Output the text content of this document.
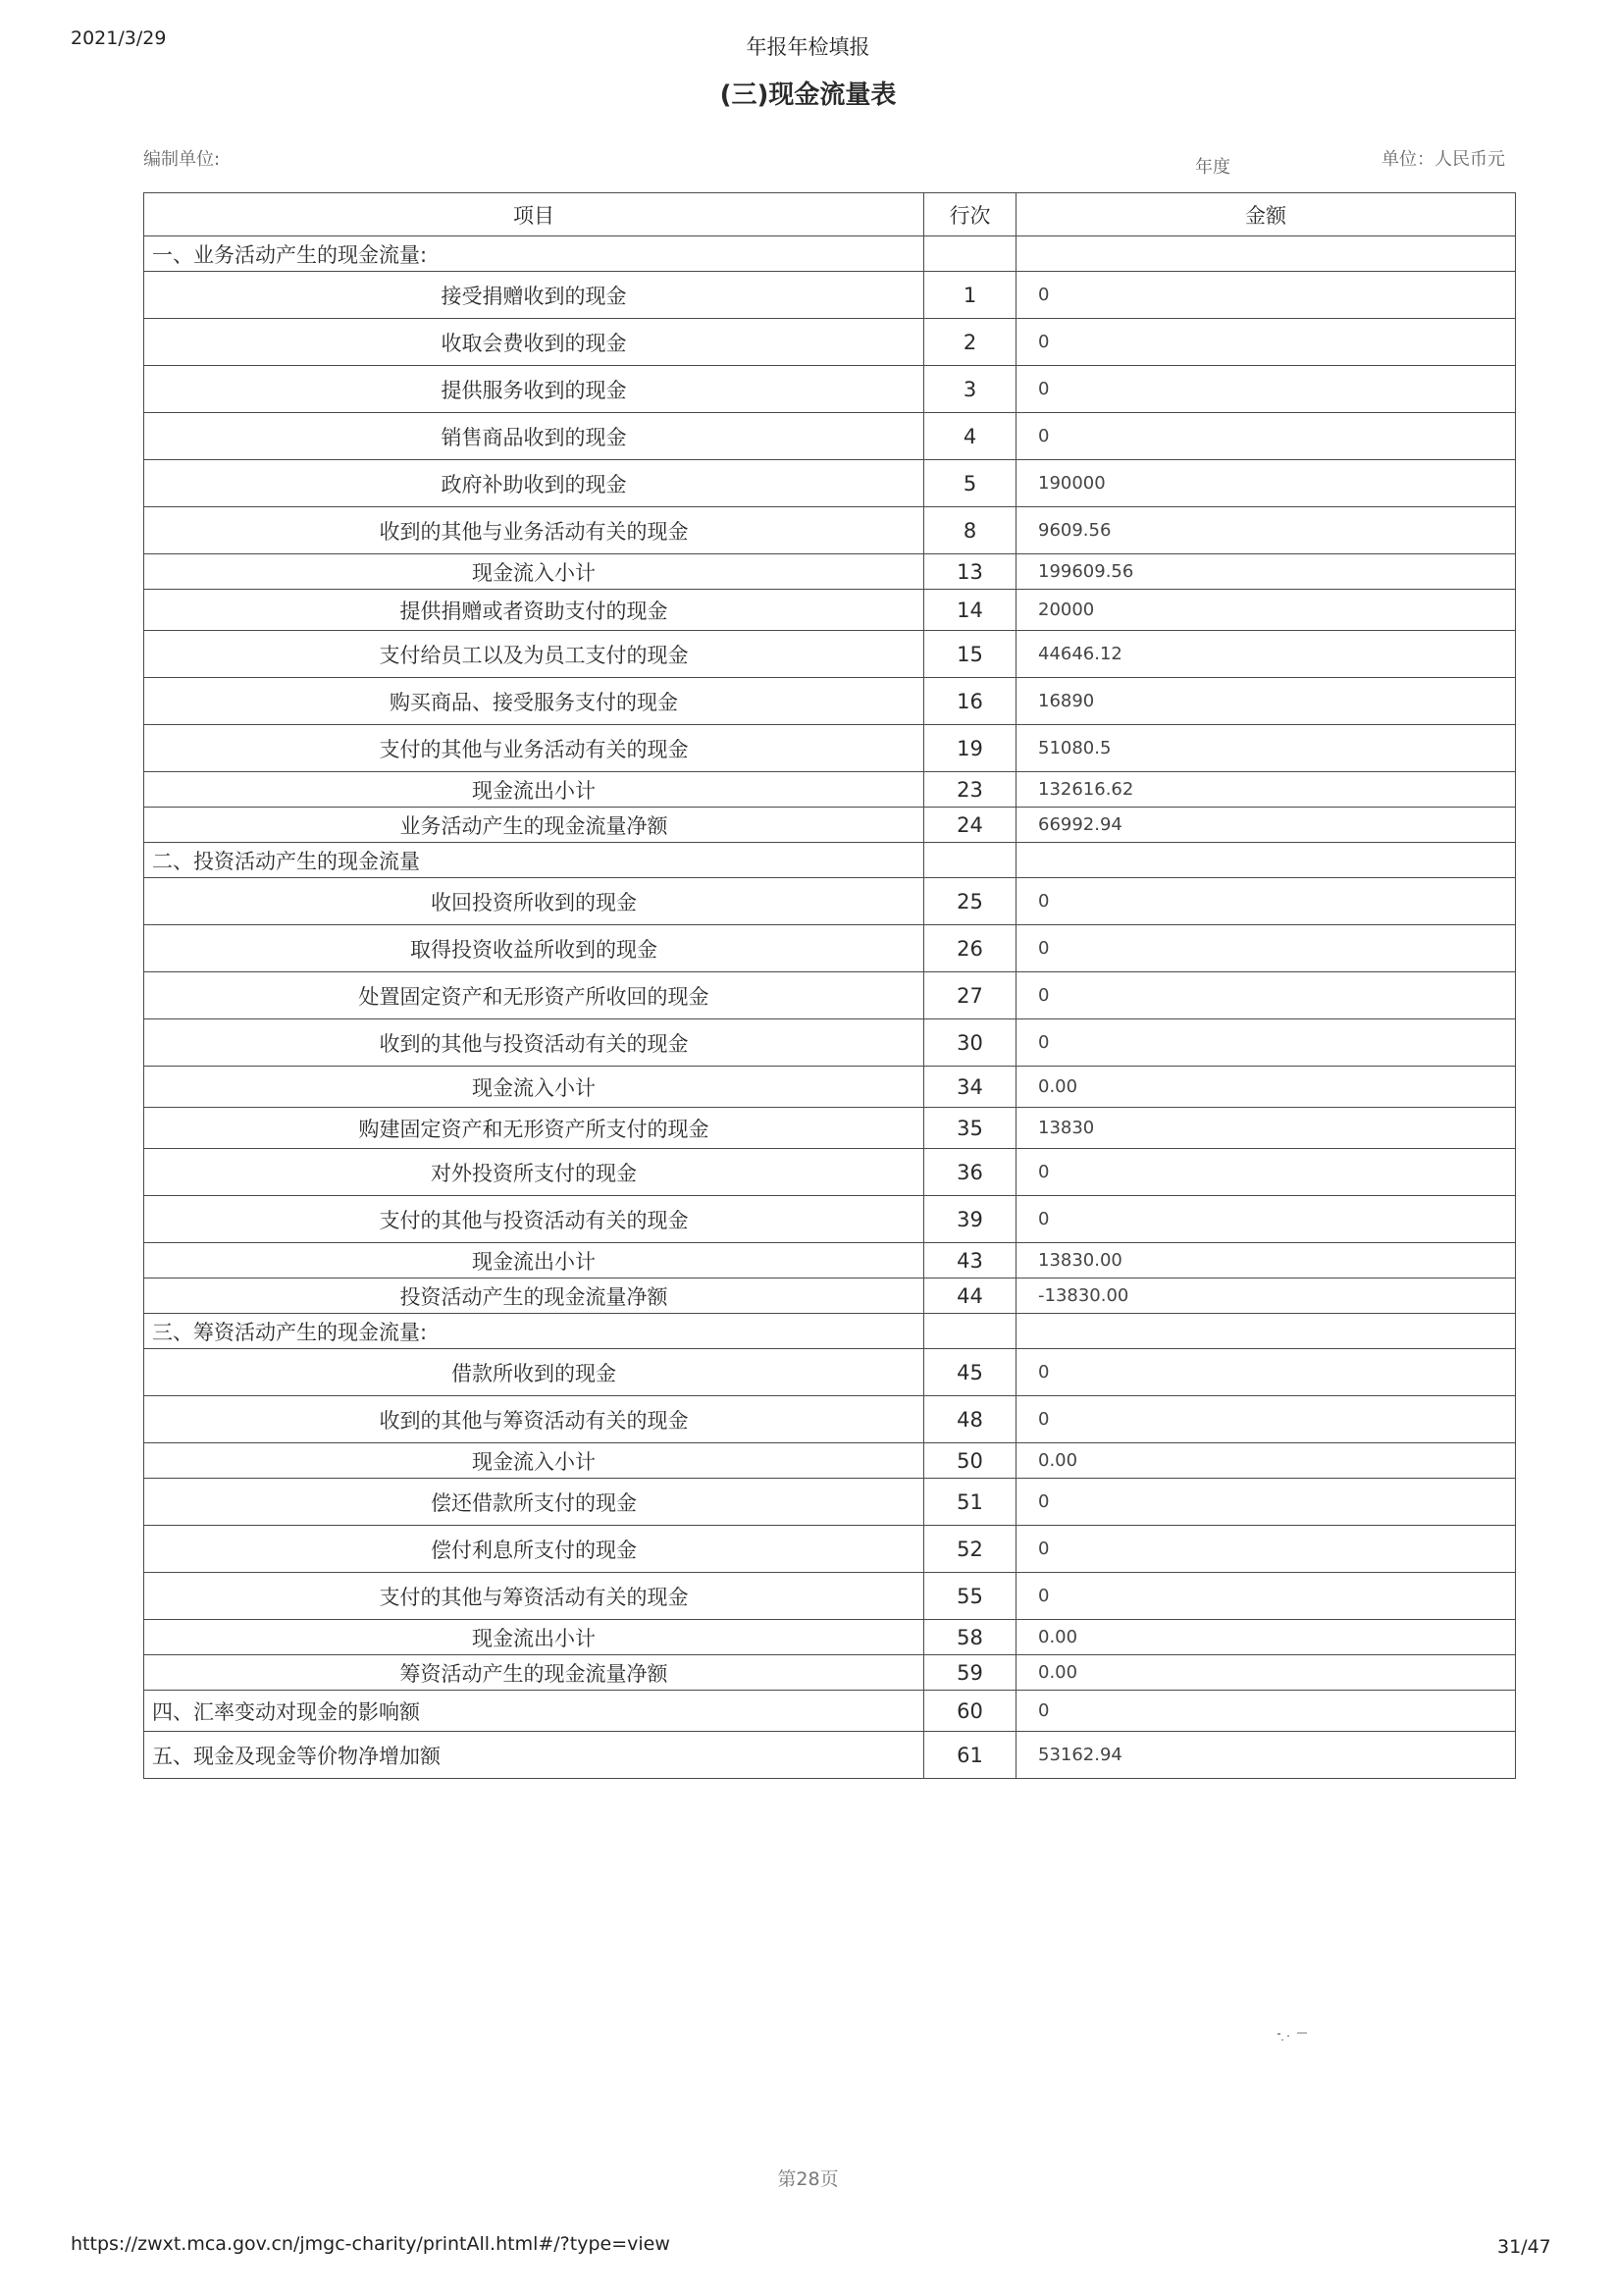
2021/3/29	年报年检填报
(三)现金流量表
编制单位:	年度	单位：人民币元
项目	行次	金额
一、业务活动产生的现金流量:		
接受捐赠收到的现金	1	0
收取会费收到的现金	2	0
提供服务收到的现金	3	0
销售商品收到的现金	4	0
政府补助收到的现金	5	190000
收到的其他与业务活动有关的现金	8	9609.56
现金流入小计	13	199609.56
提供捐赠或者资助支付的现金	14	20000
支付给员工以及为员工支付的现金	15	44646.12
购买商品、接受服务支付的现金	16	16890
支付的其他与业务活动有关的现金	19	51080.5
现金流出小计	23	132616.62
业务活动产生的现金流量净额	24	66992.94
二、投资活动产生的现金流量		
收回投资所收到的现金	25	0
取得投资收益所收到的现金	26	0
处置固定资产和无形资产所收回的现金	27	0
收到的其他与投资活动有关的现金	30	0
现金流入小计	34	0.00
购建固定资产和无形资产所支付的现金	35	13830
对外投资所支付的现金	36	0
支付的其他与投资活动有关的现金	39	0
现金流出小计	43	13830.00
投资活动产生的现金流量净额	44	-13830.00
三、筹资活动产生的现金流量:		
借款所收到的现金	45	0
收到的其他与筹资活动有关的现金	48	0
现金流入小计	50	0.00
偿还借款所支付的现金	51	0
偿付利息所支付的现金	52	0
支付的其他与筹资活动有关的现金	55	0
现金流出小计	58	0.00
筹资活动产生的现金流量净额	59	0.00
四、汇率变动对现金的影响额	60	0
五、现金及现金等价物净增加额	61	53162.94
第28页
https://zwxt.mca.gov.cn/jmgc-charity/printAll.html#/?type=view	31/47
